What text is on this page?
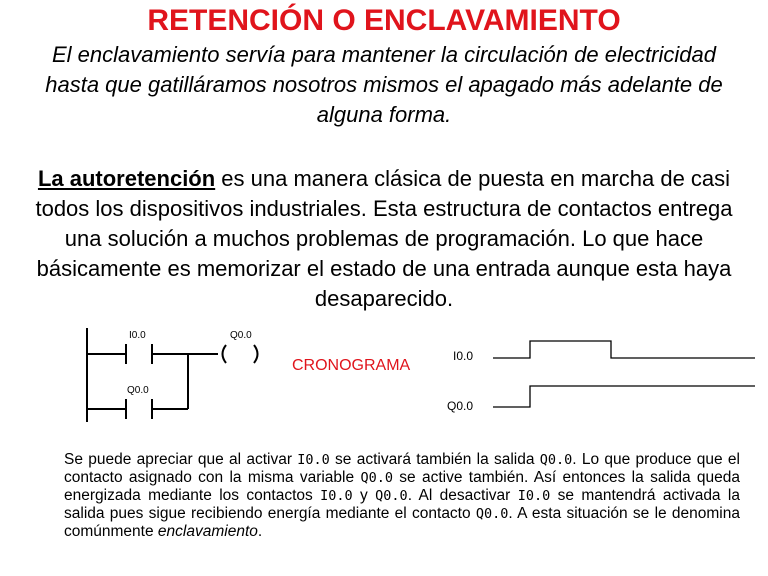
RETENCIÓN O ENCLAVAMIENTO
El enclavamiento servía para mantener la circulación de electricidad hasta que gatilláramos nosotros mismos el apagado más adelante de alguna forma.
La autoretención es una manera clásica de puesta en marcha de casi todos los dispositivos industriales. Esta estructura de contactos entrega una solución a muchos problemas de programación. Lo que hace básicamente es memorizar el estado de una entrada aunque esta haya desaparecido.
I0.0	Q0.0
Q0.0
CRONOGRAMA
I0.0
Q0.0
Se puede apreciar que al activar I0.0 se activará también la salida Q0.0. Lo que produce que el contacto asignado con la misma variable Q0.0 se active también. Así entonces la salida queda energizada mediante los contactos I0.0 y Q0.0. Al desactivar I0.0 se mantendrá activada la salida pues sigue recibiendo energía mediante el contacto Q0.0. A esta situación se le denomina comúnmente enclavamiento.
